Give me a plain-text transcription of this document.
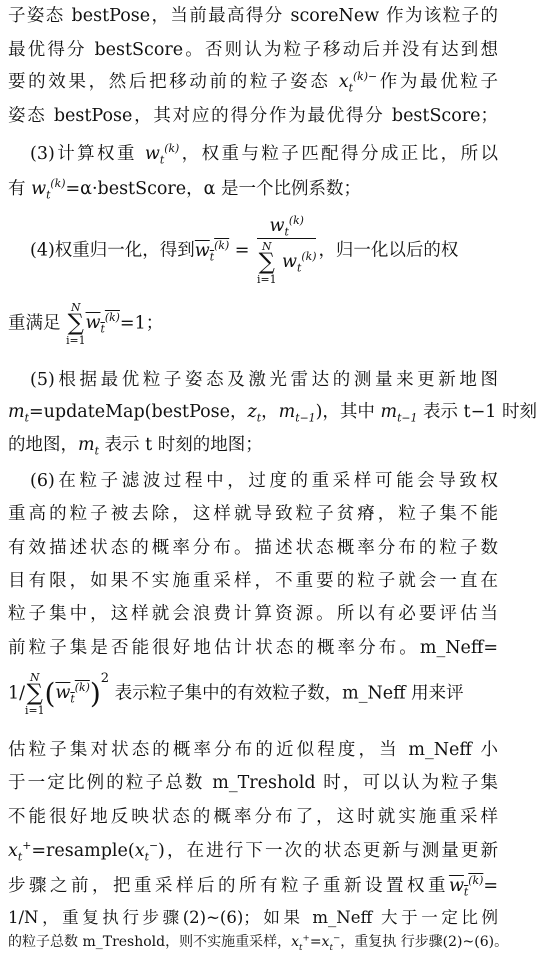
子姿态 bestPose，当前最高得分 scoreNew 作为该粒子的
最优得分 bestScore。否则认为粒子移动后并没有达到想
要的效果，然后把移动前的粒子姿态 $x_t^{(k)-}$作为最优粒子
姿态 bestPose，其对应的得分作为最优得分 bestScore；
(3)计算权重 $w_t^{(k)}$，权重与粒子匹配得分成正比，所以
有 $w_t^{(k)}=\alpha\cdot bestScore$，α 是一个比例系数；
(4)权重归一化，得到$w_t^{(k)} = w_t^{(k)}$
N
∑
i=1 $w_t^{(k)}$ ，归一化以后的权
重满足 N
∑
$i=1w_t^{(k)}=1$；
(5)根据最优粒子姿态及激光雷达的测量来更新地图
$m_t=updateMap(bestPose$，$z_t$，$m_{t-1}$)，其中 $m_{t-1}$ 表示 t−1 时刻
的地图，$m_t$ 表示 t 时刻的地图；
(6)在粒子滤波过程中，过度的重采样可能会导致权
重高的粒子被去除，这样就导致粒子贫瘠，粒子集不能
有效描述状态的概率分布。描述状态概率分布的粒子数
目有限，如果不实施重采样，不重要的粒子就会一直在
粒子集中，这样就会浪费计算资源。所以有必要评估当
前粒子集是否能很好地估计状态的概率分布。m_Neff=
1/N
∑
$i=1(w_t^{(k)})^2$ 表示粒子集中的有效粒子数，m_Neff 用来评
估粒子集对状态的概率分布的近似程度，当 m_Neff 小
于一定比例的粒子总数 m_Treshold 时，可以认为粒子集
不能很好地反映状态的概率分布了，这时就实施重采样
$x_t^+=resample(x_t^-)$，在进行下一次的状态更新与测量更新
步骤之前，把重采样后的所有粒子重新设置权重$w_t^{(k)}=$
1/N，重复执行步骤(2)~(6)；如果 m_Neff 大于一定比例
的粒子总数 m_Treshold，则不实施重采样，$x_t^+=x_t^-$，重复执 行步骤(2)~(6)。
